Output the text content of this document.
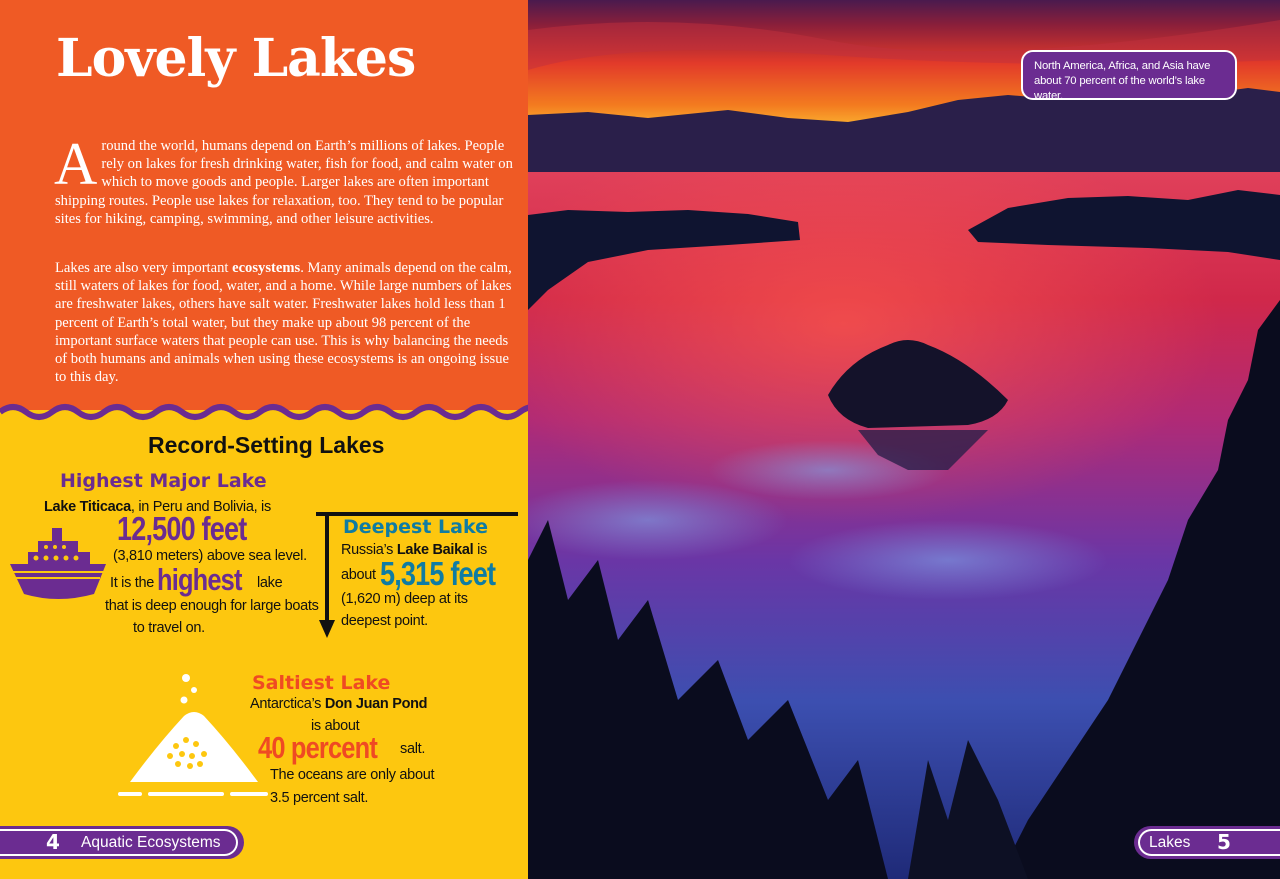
Lovely Lakes

Around the world, humans depend on Earth’s millions of lakes. People rely on lakes for fresh drinking water, fish for food, and calm water on which to move goods and people. Larger lakes are often important shipping routes. People use lakes for relaxation, too. They tend to be popular sites for hiking, camping, swimming, and other leisure activities.

Lakes are also very important ecosystems. Many animals depend on the calm, still waters of lakes for food, water, and a home. While large numbers of lakes are freshwater lakes, others have salt water. Freshwater lakes hold less than 1 percent of Earth’s total water, but they make up about 98 percent of the important surface waters that people can use. This is why balancing the needs of both humans and animals when using these ecosystems is an ongoing issue to this day.

Record-Setting Lakes
Highest Major Lake
Lake Titicaca, in Peru and Bolivia, is
12,500 feet
(3,810 meters) above sea level.
It is the highest lake
that is deep enough for large boats
to travel on.
Deepest Lake
Russia’s Lake Baikal is
about 5,315 feet
(1,620 m) deep at its
deepest point.
Saltiest Lake
Antarctica’s Don Juan Pond
is about
40 percent salt.
The oceans are only about
3.5 percent salt.
4 Aquatic Ecosystems	Lakes 5
North America, Africa, and Asia have about 70 percent of the world’s lake water.
